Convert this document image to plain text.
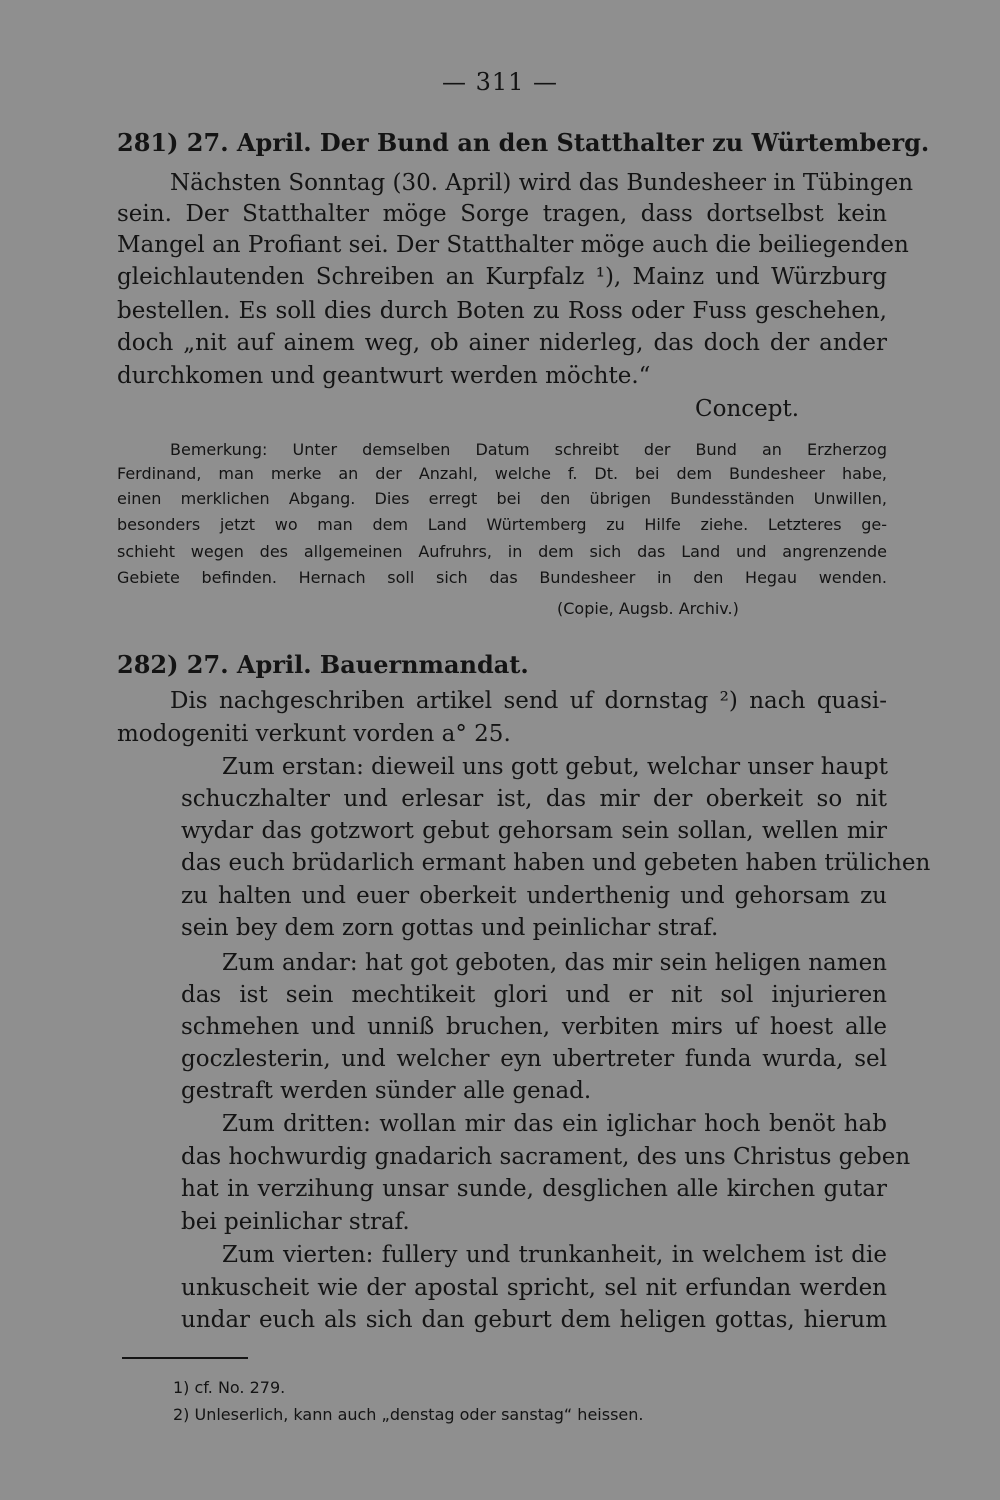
— 311 —
281) 27. April. Der Bund an den Statthalter zu Würtemberg.
Nächsten Sonntag (30. April) wird das Bundesheer in Tübingen
sein. Der Statthalter möge Sorge tragen, dass dortselbst kein
Mangel an Profiant sei. Der Statthalter möge auch die beiliegenden
gleichlautenden Schreiben an Kurpfalz ¹), Mainz und Würzburg
bestellen. Es soll dies durch Boten zu Ross oder Fuss geschehen,
doch „nit auf ainem weg, ob ainer niderleg, das doch der ander
durchkomen und geantwurt werden möchte.“
Concept.
Bemerkung: Unter demselben Datum schreibt der Bund an Erzherzog
Ferdinand, man merke an der Anzahl, welche f. Dt. bei dem Bundesheer habe,
einen merklichen Abgang. Dies erregt bei den übrigen Bundesständen Unwillen,
besonders jetzt wo man dem Land Würtemberg zu Hilfe ziehe. Letzteres ge-
schieht wegen des allgemeinen Aufruhrs, in dem sich das Land und angrenzende
Gebiete befinden. Hernach soll sich das Bundesheer in den Hegau wenden.
(Copie, Augsb. Archiv.)
282) 27. April. Bauernmandat.
Dis nachgeschriben artikel send uf dornstag ²) nach quasi-
modogeniti verkunt vorden a° 25.
Zum erstan: dieweil uns gott gebut, welchar unser haupt
schuczhalter und erlesar ist, das mir der oberkeit so nit
wydar das gotzwort gebut gehorsam sein sollan, wellen mir
das euch brüdarlich ermant haben und gebeten haben trülichen
zu halten und euer oberkeit underthenig und gehorsam zu
sein bey dem zorn gottas und peinlichar straf.
Zum andar: hat got geboten, das mir sein heligen namen
das ist sein mechtikeit glori und er nit sol injurieren
schmehen und unniß bruchen, verbiten mirs uf hoest alle
goczlesterin, und welcher eyn ubertreter funda wurda, sel
gestraft werden sünder alle genad.
Zum dritten: wollan mir das ein iglichar hoch benöt hab
das hochwurdig gnadarich sacrament, des uns Christus geben
hat in verzihung unsar sunde, desglichen alle kirchen gutar
bei peinlichar straf.
Zum vierten: fullery und trunkanheit, in welchem ist die
unkuscheit wie der apostal spricht, sel nit erfundan werden
undar euch als sich dan geburt dem heligen gottas, hierum
1) cf. No. 279.
2) Unleserlich, kann auch „denstag oder sanstag“ heissen.
